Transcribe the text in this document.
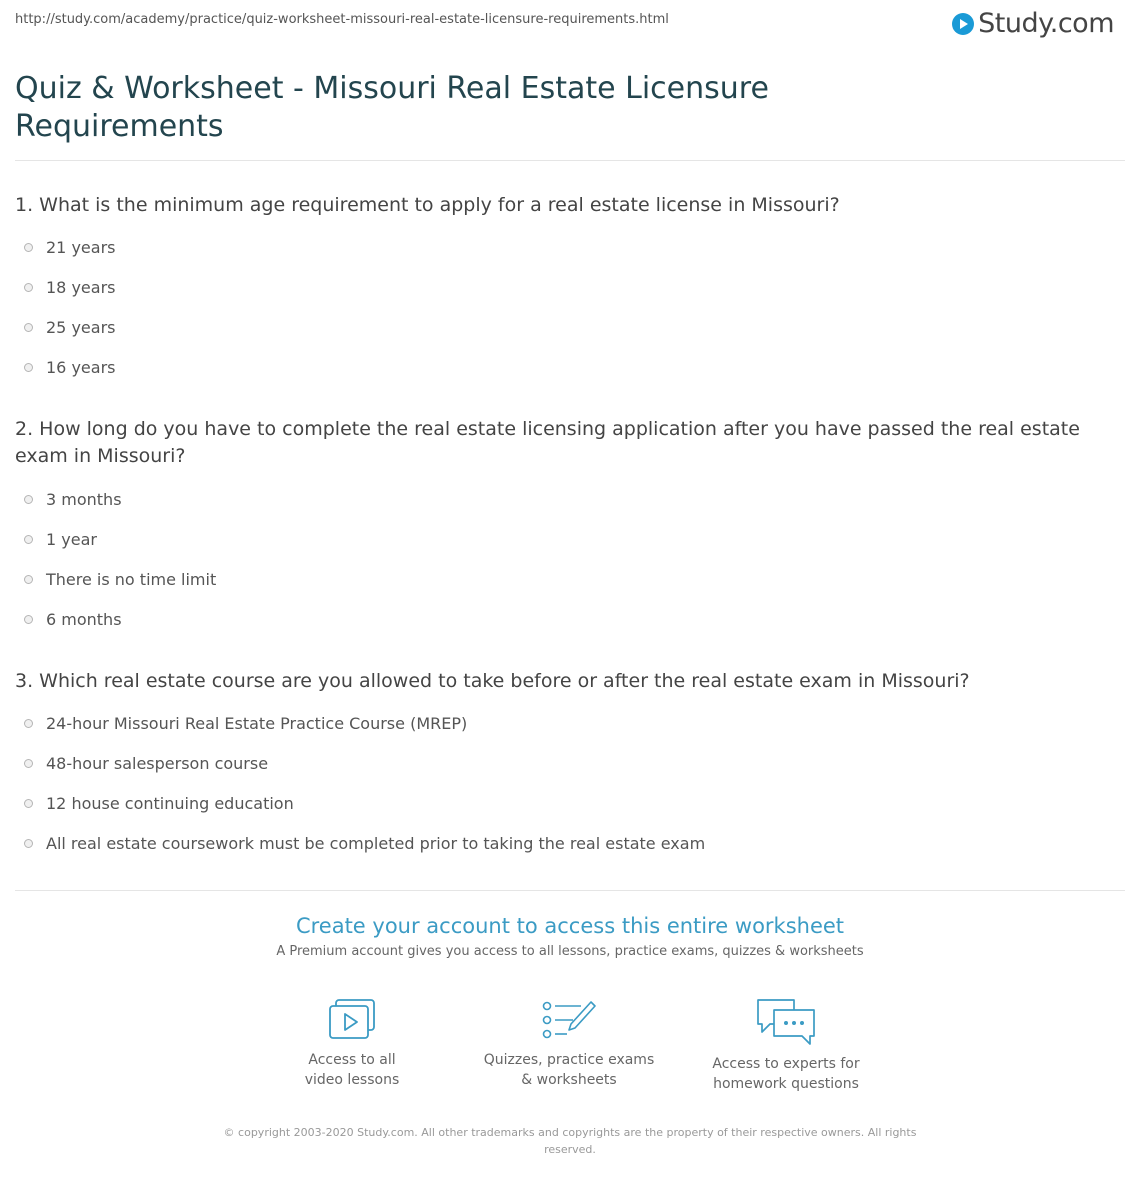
http://study.com/academy/practice/quiz-worksheet-missouri-real-estate-licensure-requirements.html	Study.com
Quiz & Worksheet - Missouri Real Estate Licensure Requirements
1. What is the minimum age requirement to apply for a real estate license in Missouri?
21 years
18 years
25 years
16 years
2. How long do you have to complete the real estate licensing application after you have passed the real estate exam in Missouri?
3 months
1 year
There is no time limit
6 months
3. Which real estate course are you allowed to take before or after the real estate exam in Missouri?
24-hour Missouri Real Estate Practice Course (MREP)
48-hour salesperson course
12 house continuing education
All real estate coursework must be completed prior to taking the real estate exam
Create your account to access this entire worksheet
A Premium account gives you access to all lessons, practice exams, quizzes & worksheets
Access to all
video lessons
Quizzes, practice exams
& worksheets
Access to experts for
homework questions
© copyright 2003-2020 Study.com. All other trademarks and copyrights are the property of their respective owners. All rights reserved.
